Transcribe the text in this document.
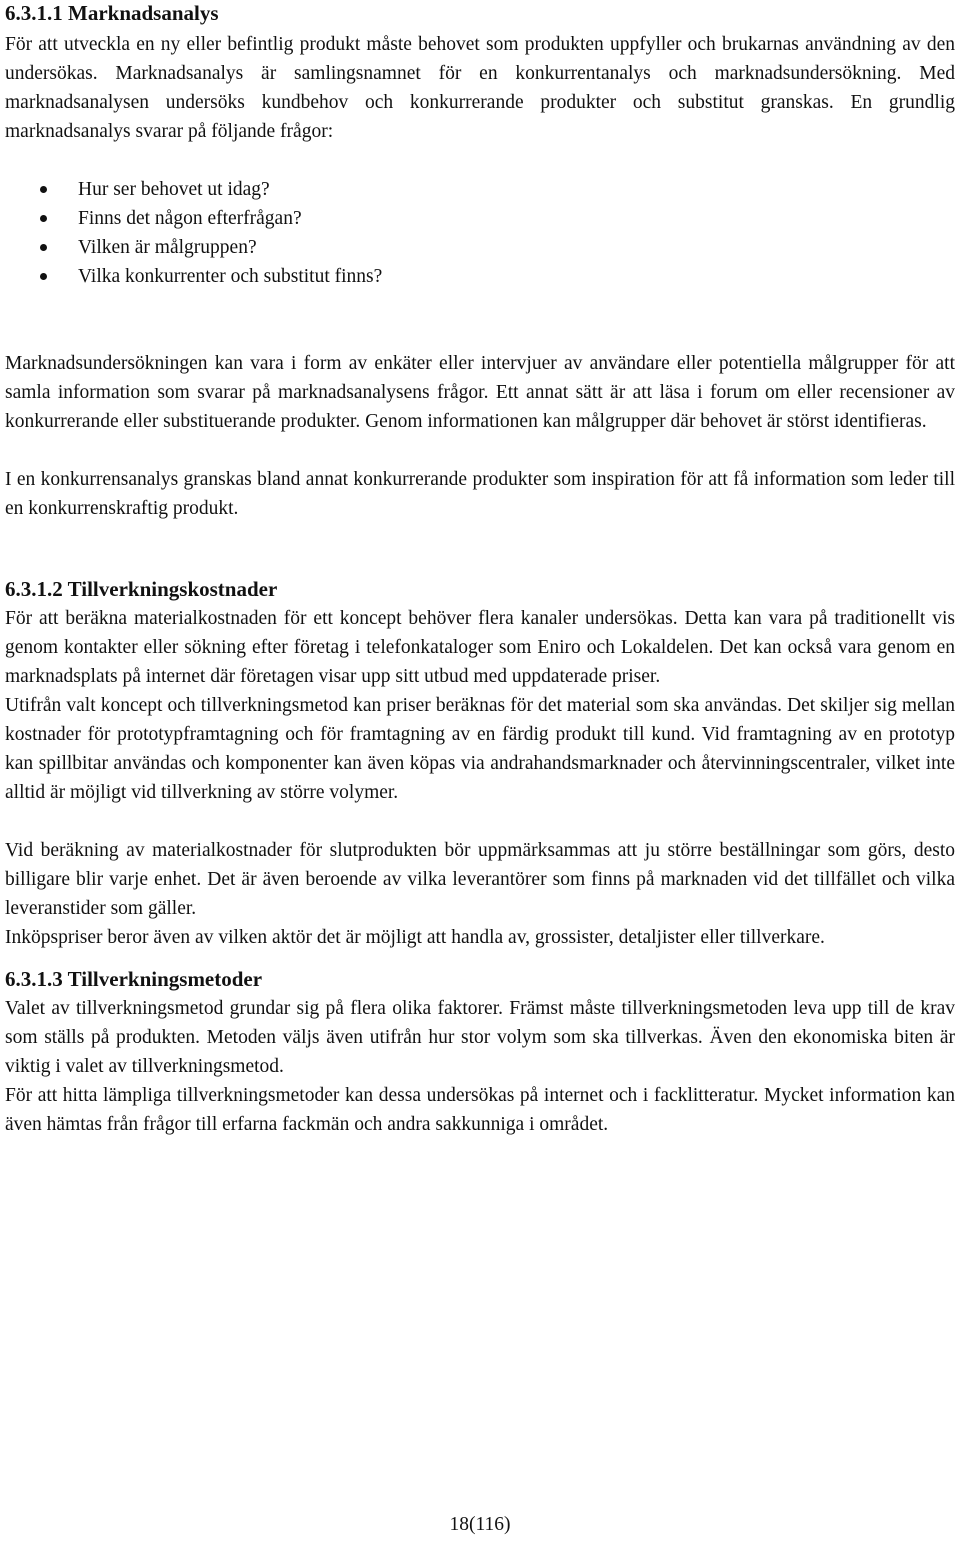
6.3.1.1 Marknadsanalys

För att utveckla en ny eller befintlig produkt måste behovet som produkten uppfyller och brukarnas användning av den undersökas. Marknadsanalys är samlingsnamnet för en konkurrentanalys och marknadsundersökning. Med marknadsanalysen undersöks kundbehov och konkurrerande produkter och substitut granskas. En grundlig marknadsanalys svarar på följande frågor:

Hur ser behovet ut idag?
Finns det någon efterfrågan?
Vilken är målgruppen?
Vilka konkurrenter och substitut finns?

Marknadsundersökningen kan vara i form av enkäter eller intervjuer av användare eller potentiella målgrupper för att samla information som svarar på marknadsanalysens frågor. Ett annat sätt är att läsa i forum om eller recensioner av konkurrerande eller substituerande produkter. Genom informationen kan målgrupper där behovet är störst identifieras.

I en konkurrensanalys granskas bland annat konkurrerande produkter som inspiration för att få information som leder till en konkurrenskraftig produkt.

6.3.1.2 Tillverkningskostnader

För att beräkna materialkostnaden för ett koncept behöver flera kanaler undersökas. Detta kan vara på traditionellt vis genom kontakter eller sökning efter företag i telefonkataloger som Eniro och Lokaldelen. Det kan också vara genom en marknadsplats på internet där företagen visar upp sitt utbud med uppdaterade priser.

Utifrån valt koncept och tillverkningsmetod kan priser beräknas för det material som ska användas. Det skiljer sig mellan kostnader för prototypframtagning och för framtagning av en färdig produkt till kund. Vid framtagning av en prototyp kan spillbitar användas och komponenter kan även köpas via andrahandsmarknader och återvinningscentraler, vilket inte alltid är möjligt vid tillverkning av större volymer.

Vid beräkning av materialkostnader för slutprodukten bör uppmärksammas att ju större beställningar som görs, desto billigare blir varje enhet. Det är även beroende av vilka leverantörer som finns på marknaden vid det tillfället och vilka leveranstider som gäller.

Inköpspriser beror även av vilken aktör det är möjligt att handla av, grossister, detaljister eller tillverkare.

6.3.1.3 Tillverkningsmetoder

Valet av tillverkningsmetod grundar sig på flera olika faktorer. Främst måste tillverkningsmetoden leva upp till de krav som ställs på produkten. Metoden väljs även utifrån hur stor volym som ska tillverkas. Även den ekonomiska biten är viktig i valet av tillverkningsmetod.

För att hitta lämpliga tillverkningsmetoder kan dessa undersökas på internet och i facklitteratur. Mycket information kan även hämtas från frågor till erfarna fackmän och andra sakkunniga i området.

18(116)
